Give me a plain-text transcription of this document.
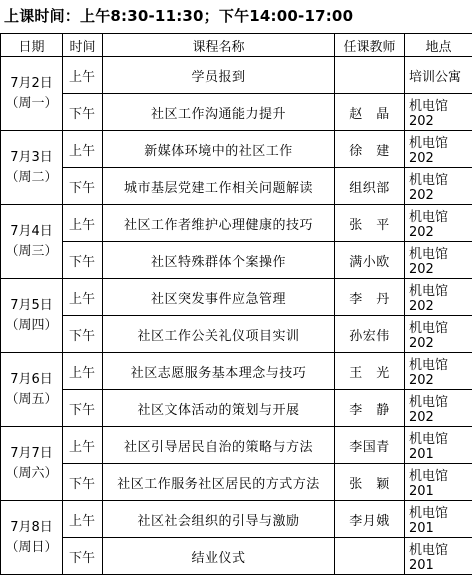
上课时间：上午8:30-11:30；下午14:00-17:00
日期	时间	课程名称	任课教师	地点

7月2日
（周一）	上午	学员报到		培训公寓
	下午	社区工作沟通能力提升	赵　晶	机电馆202

7月3日
（周二）	上午	新媒体环境中的社区工作	徐　建	机电馆202
	下午	城市基层党建工作相关问题解读	组织部	机电馆202

7月4日
（周三）	上午	社区工作者维护心理健康的技巧	张　平	机电馆202
	下午	社区特殊群体个案操作	满小欧	机电馆202

7月5日
（周四）	上午	社区突发事件应急管理	李　丹	机电馆202
	下午	社区工作公关礼仪项目实训	孙宏伟	机电馆202

7月6日
（周五）	上午	社区志愿服务基本理念与技巧	王　光	机电馆202
	下午	社区文体活动的策划与开展	李　静	机电馆202

7月7日
（周六）	上午	社区引导居民自治的策略与方法	李国青	机电馆201
	下午	社区工作服务社区居民的方式方法	张　颖	机电馆201

7月8日
（周日）	上午	社区社会组织的引导与激励	李月娥	机电馆201
	下午	结业仪式		机电馆201
